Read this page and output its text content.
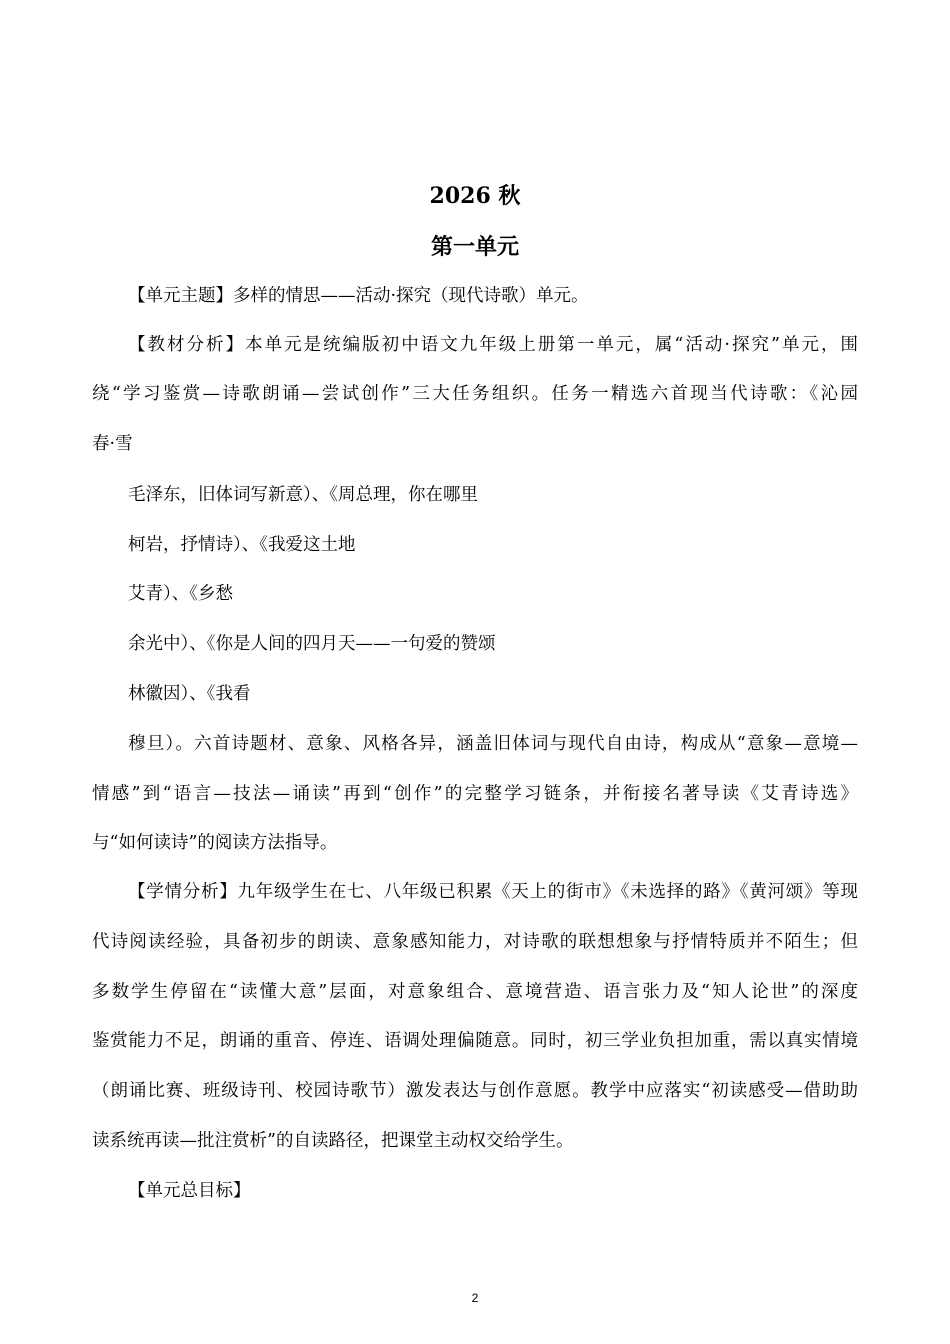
2026 秋
第一单元
【单元主题】多样的情思——活动·探究（现代诗歌）单元。
【教材分析】本单元是统编版初中语文九年级上册第一单元，属“活动·探究”单元，围
绕“学习鉴赏—诗歌朗诵—尝试创作”三大任务组织。任务一精选六首现当代诗歌：《沁园
春·雪
毛泽东，旧体词写新意）、《周总理，你在哪里
柯岩，抒情诗）、《我爱这土地
艾青）、《乡愁
余光中）、《你是人间的四月天——一句爱的赞颂
林徽因）、《我看
穆旦）。六首诗题材、意象、风格各异，涵盖旧体词与现代自由诗，构成从“意象—意境—
情感”到“语言—技法—诵读”再到“创作”的完整学习链条，并衔接名著导读《艾青诗选》
与“如何读诗”的阅读方法指导。
【学情分析】九年级学生在七、八年级已积累《天上的街市》《未选择的路》《黄河颂》等现
代诗阅读经验，具备初步的朗读、意象感知能力，对诗歌的联想想象与抒情特质并不陌生；但
多数学生停留在“读懂大意”层面，对意象组合、意境营造、语言张力及“知人论世”的深度
鉴赏能力不足，朗诵的重音、停连、语调处理偏随意。同时，初三学业负担加重，需以真实情境
（朗诵比赛、班级诗刊、校园诗歌节）激发表达与创作意愿。教学中应落实“初读感受—借助助
读系统再读—批注赏析”的自读路径，把课堂主动权交给学生。
【单元总目标】
2
